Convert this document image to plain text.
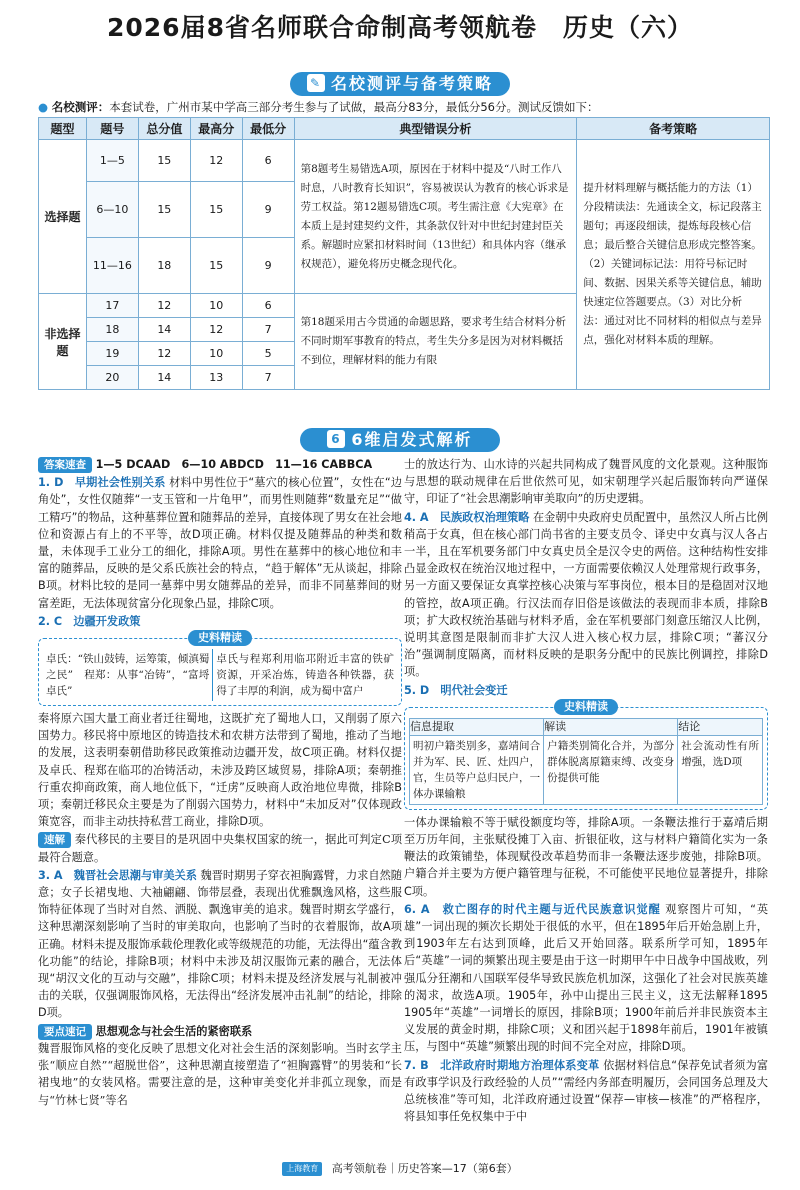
2026届8省名师联合命制高考领航卷　历史（六）
✎ 名校测评与备考策略
● 名校测评：本套试卷，广州市某中学高三部分考生参与了试做，最高分83分，最低分56分。测试反馈如下：
题型	题号	总分值	最高分	最低分	典型错误分析	备考策略
选择题	1—5	15	12	6	第8题考生易错选A项，原因在于材料中提及“八时工作八时息，八时教育长知识”，容易被误认为教育的核心诉求是劳工权益。第12题易错选C项。考生需注意《大宪章》在本质上是封建契约文件，其条款仅针对中世纪封建封臣关系。解题时应紧扣材料时间（13世纪）和具体内容（继承权规范），避免将历史概念现代化。	提升材料理解与概括能力的方法（1）分段精读法：先通读全文，标记段落主题句；再逐段细读，提炼每段核心信息；最后整合关键信息形成完整答案。（2）关键词标记法：用符号标记时间、数据、因果关系等关键信息，辅助快速定位答题要点。（3）对比分析法：通过对比不同材料的相似点与差异点，强化对材料本质的理解。
	6—10	15	15	9		
	11—16	18	15	9		
非选择题	17	12	10	6	第18题采用古今贯通的命题思路，要求考生结合材料分析不同时期军事教育的特点，考生失分多是因为对材料概括不到位，理解材料的能力有限	
	18	14	12	7		
	19	12	10	5		
	20	14	13	7		
6 6维启发式解析
答案速查 1—5 DCAAD　6—10 ABDCD　11—16 CABBCA
1. D　早期社会性别关系 材料中男性位于“墓穴的核心位置”，女性在“边角处”，女性仅随葬“一支玉管和一片龟甲”，而男性则随葬“数量充足”“做工精巧”的物品，这种墓葬位置和随葬品的差异，直接体现了男女在社会地位和资源占有上的不平等，故D项正确。材料仅提及随葬品的种类和数量，未体现手工业分工的细化，排除A项。男性在墓葬中的核心地位和丰富的随葬品，反映的是父系氏族社会的特点，“趋于解体”无从谈起，排除B项。材料比较的是同一墓葬中男女随葬品的差异，而非不同墓葬间的财富差距，无法体现贫富分化现象凸显，排除C项。
2. C　边疆开发政策
史料精读
卓氏：“铁山鼓铸，运筹策，倾滇蜀之民”　程郑：从事“冶铸”，“富埒卓氏”	卓氏与程郑利用临邛附近丰富的铁矿资源，开采冶炼，铸造各种铁器，获得了丰厚的利润，成为蜀中富户
秦将原六国大量工商业者迁往蜀地，这既扩充了蜀地人口，又削弱了原六国势力。移民将中原地区的铸造技术和农耕方法带到了蜀地，推动了当地的发展，这表明秦朝借助移民政策推动边疆开发，故C项正确。材料仅提及卓氏、程郑在临邛的冶铸活动，未涉及跨区域贸易，排除A项；秦朝推行重农抑商政策，商人地位低下，“迁虏”反映商人政治地位卑微，排除B项；秦朝迁移民众主要是为了削弱六国势力，材料中“未加反对”仅体现政策宽容，而非主动扶持私营工商业，排除D项。
速解 秦代移民的主要目的是巩固中央集权国家的统一，据此可判定C项最符合题意。
3. A　魏晋社会思潮与审美关系 魏晋时期男子穿衣袒胸露臂，力求自然随意；女子长裙曳地、大袖翩翩、饰带层叠，表现出优雅飘逸风格，这些服饰特征体现了当时对自然、洒脱、飘逸审美的追求。魏晋时期玄学盛行，这种思潮深刻影响了当时的审美取向，也影响了当时的衣着服饰，故A项正确。材料未提及服饰承载伦理教化或等级规范的功能，无法得出“蕴含教化功能”的结论，排除B项；材料中未涉及胡汉服饰元素的融合，无法体现“胡汉文化的互动与交融”，排除C项；材料未提及经济发展与礼制被冲击的关联，仅强调服饰风格，无法得出“经济发展冲击礼制”的结论，排除D项。
要点速记 思想观念与社会生活的紧密联系
魏晋服饰风格的变化反映了思想文化对社会生活的深刻影响。当时玄学主张“顺应自然”“超脱世俗”，这种思潮直接塑造了“袒胸露臂”的男装和“长裙曳地”的女装风格。需要注意的是，这种审美变化并非孤立现象，而是与“竹林七贤”等名
士的放达行为、山水诗的兴起共同构成了魏晋风度的文化景观。这种服饰与思想的联动规律在后世依然可见，如宋朝理学兴起后服饰转向严谨保守，印证了“社会思潮影响审美取向”的历史逻辑。
4. A　民族政权治理策略 在金朝中央政府史员配置中，虽然汉人所占比例稍高于女真，但在核心部门尚书省的主要支员令、译史中女真与汉人各占一半，且在军机要务部门中女真史员全是汉令史的两倍。这种结构性安排凸显金政权在统治汉地过程中，一方面需要依赖汉人处理常规行政事务，另一方面又要保证女真掌控核心决策与军事岗位，根本目的是稳固对汉地的管控，故A项正确。行汉法而存旧俗是该做法的表现而非本质，排除B项；扩大政权统治基础与材料矛盾，金在军机要部门刻意压缩汉人比例，说明其意图是限制而非扩大汉人进入核心权力层，排除C项；“蕃汉分治”强调制度隔离，而材料反映的是职务分配中的民族比例调控，排除D项。
5. D　明代社会变迁
史料精读
信息提取	解读	结论
明初户籍类别多，嘉靖间合并为军、民、匠、灶四户，官，生员等户总归民户，一体办课输粮	户籍类别简化合并，为部分群体脱离原籍束缚、改变身份提供可能	社会流动性有所增强，选D项
一体办课输粮不等于赋役额度均等，排除A项。一条鞭法推行于嘉靖后期至万历年间，主张赋役摊丁入亩、折银征收，这与材料户籍简化实为一条鞭法的政策铺垫，体现赋役改革趋势而非一条鞭法逐步废弛，排除B项。户籍合并主要为方便户籍管理与征税，不可能使平民地位显著提升，排除C项。
6. A　救亡图存的时代主题与近代民族意识觉醒 观察图片可知，“英雄”一词出现的频次长期处于很低的水平，但在1895年后开始急剧上升，到1903年左右达到顶峰，此后又开始回落。联系所学可知，1895年后“英雄”一词的频繁出现主要是由于这一时期甲午中日战争中国战败，列强瓜分狂潮和八国联军侵华导致民族危机加深，这强化了社会对民族英雄的渴求，故选A项。1905年，孙中山提出三民主义，这无法解释1895　1905年“英雄”一词增长的原因，排除B项；1900年前后并非民族资本主义发展的黄金时期，排除C项；义和团兴起于1898年前后，1901年被镇压，与图中“英雄”频繁出现的时间不完全对应，排除D项。
7. B　北洋政府时期地方治理体系变革 依据材料信息“保荐免试者须为富有政事学识及行政经验的人员”“需经内务部查明履历，会同国务总理及大总统核准”等可知，北洋政府通过设置“保荐—审核—核准”的严格程序，将县知事任免权集中于中
上海教育 高考领航卷｜历史答案—17（第6套）
